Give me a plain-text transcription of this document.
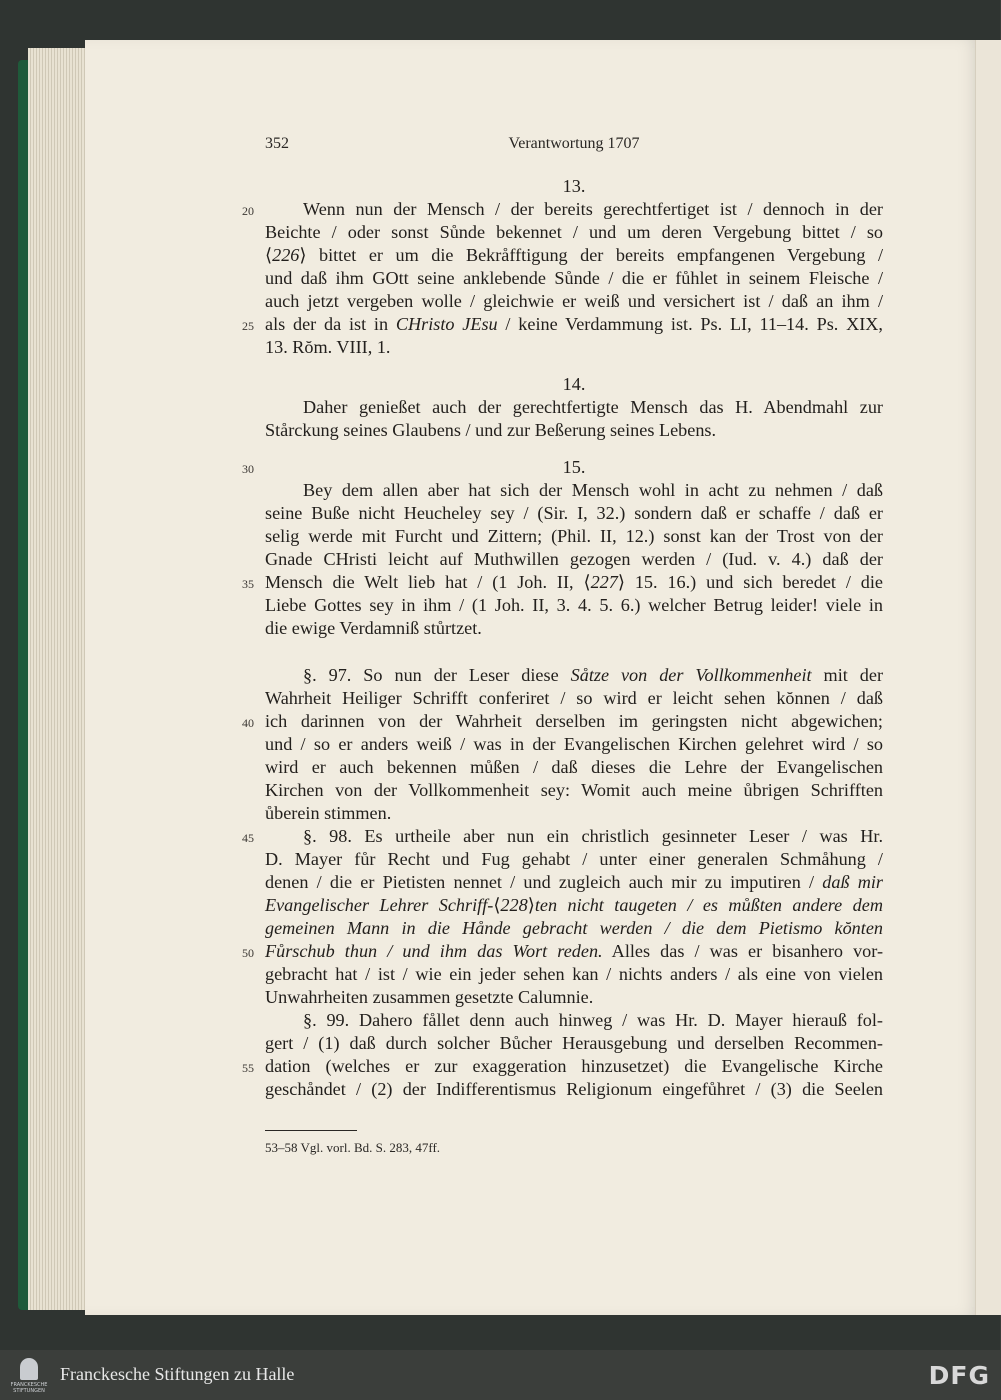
352	Verantwortung 1707
13.
20	Wenn nun der Mensch / der bereits gerechtfertiget ist / dennoch in der
Beichte / oder sonst Sůnde bekennet / und um deren Vergebung bittet / so
⟨226⟩ bittet er um die Bekråfftigung der bereits empfangenen Vergebung /
und daß ihm GOtt seine anklebende Sůnde / die er fůhlet in seinem Fleische /
auch jetzt vergeben wolle / gleichwie er weiß und versichert ist / daß an ihm /
25 als der da ist in CHristo JEsu / keine Verdammung ist. Ps. LI, 11–14. Ps. XIX,
13. Rŏm. VIII, 1.
14.
Daher genießet auch der gerechtfertigte Mensch das H. Abendmahl zur
Stårckung seines Glaubens / und zur Beßerung seines Lebens.
30	15.
Bey dem allen aber hat sich der Mensch wohl in acht zu nehmen / daß
seine Bußе nicht Heucheley sey / (Sir. I, 32.) sondern daß er schaffe / daß er
selig werde mit Furcht und Zittern; (Phil. II, 12.) sonst kan der Trost von der
Gnade CHristi leicht auf Muthwillen gezogen werden / (Iud. v. 4.) daß der
35 Mensch die Welt lieb hat / (1 Joh. II, ⟨227⟩ 15. 16.) und sich beredet / die
Liebe Gottes sey in ihm / (1 Joh. II, 3. 4. 5. 6.) welcher Betrug leider! viele in
die ewige Verdamniß stůrtzet.
§. 97. So nun der Leser diese Såtze von der Vollkommenheit mit der
Wahrheit Heiliger Schrifft conferiret / so wird er leicht sehen kŏnnen / daß
40 ich darinnen von der Wahrheit derselben im geringsten nicht abgewichen;
und / so er anders weiß / was in der Evangelischen Kirchen gelehret wird / so
wird er auch bekennen můßen / daß dieses die Lehre der Evangelischen
Kirchen von der Vollkommenheit sey: Womit auch meine ůbrigen Schrifften
ůberein stimmen.
45	§. 98. Es urtheile aber nun ein christlich gesinneter Leser / was Hr.
D. Mayer fůr Recht und Fug gehabt / unter einer generalen Schmåhung /
denen / die er Pietisten nennet / und zugleich auch mir zu imputiren / daß mir
Evangelischer Lehrer Schriff-⟨228⟩ten nicht taugeten / es můßten andere dem
gemeinen Mann in die Hånde gebracht werden / die dem Pietismo kŏnten
50 Fůrschub thun / und ihm das Wort reden. Alles das / was er bisanhero vor-
gebracht hat / ist / wie ein jeder sehen kan / nichts anders / als eine von vielen
Unwahrheiten zusammen gesetzte Calumnie.
§. 99. Dahero fållet denn auch hinweg / was Hr. D. Mayer hierauß fol-
gert / (1) daß durch solcher Bůcher Herausgebung und derselben Recommen-
55 dation (welches er zur exaggeration hinzusetzet) die Evangelische Kirche
geschåndet / (2) der Indifferentismus Religionum eingefůhret / (3) die Seelen
53–58 Vgl. vorl. Bd. S. 283, 47ff.
FRANCKESCHE STIFTUNGEN
Franckesche Stiftungen zu Halle	DFG
